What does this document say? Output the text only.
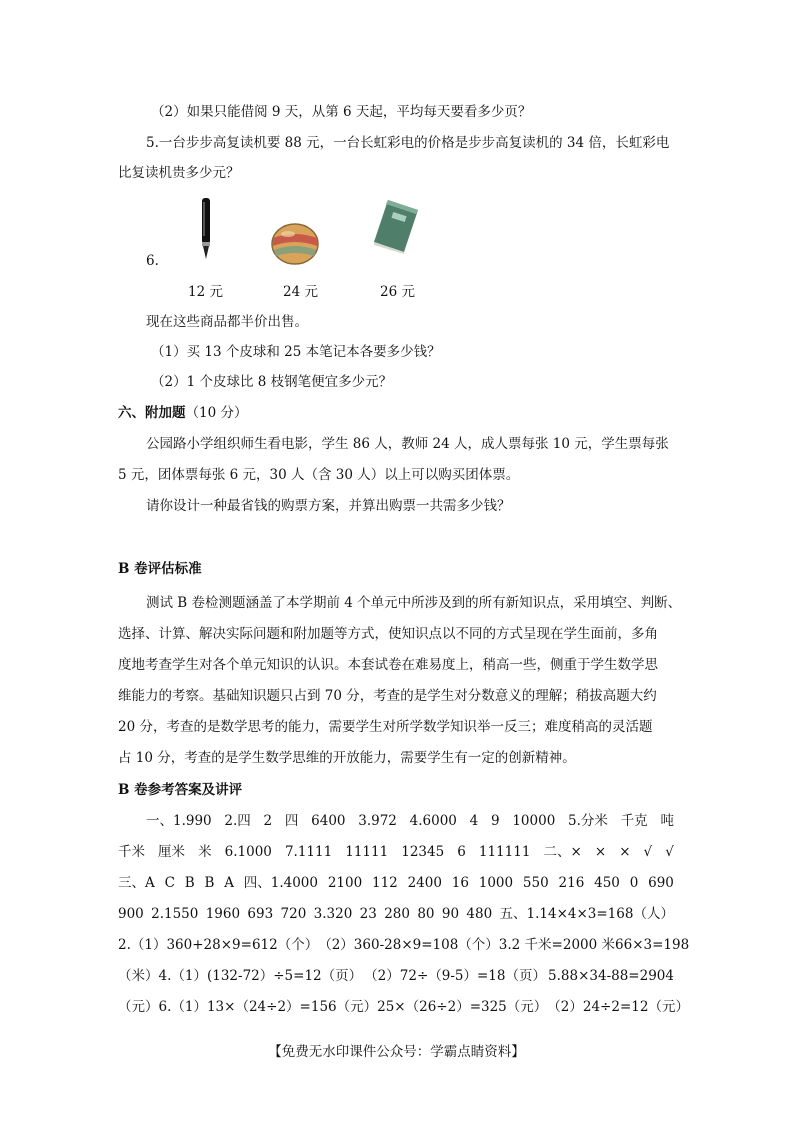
（2）如果只能借阅 9 天，从第 6 天起，平均每天要看多少页？
5.一台步步高复读机要 88 元，一台长虹彩电的价格是步步高复读机的 34 倍，长虹彩电
比复读机贵多少元？
6.
12 元	24 元	26 元
现在这些商品都半价出售。
（1）买 13 个皮球和 25 本笔记本各要多少钱？
（2）1 个皮球比 8 枝钢笔便宜多少元？
六、附加题（10 分）
公园路小学组织师生看电影，学生 86 人，教师 24 人，成人票每张 10 元，学生票每张
5 元，团体票每张 6 元，30 人（含 30 人）以上可以购买团体票。
请你设计一种最省钱的购票方案，并算出购票一共需多少钱？
B 卷评估标准
测试 B 卷检测题涵盖了本学期前 4 个单元中所涉及到的所有新知识点，采用填空、判断、
选择、计算、解决实际问题和附加题等方式，使知识点以不同的方式呈现在学生面前，多角
度地考查学生对各个单元知识的认识。本套试卷在难易度上，稍高一些，侧重于学生数学思
维能力的考察。基础知识题只占到 70 分，考查的是学生对分数意义的理解；稍拔高题大约
20 分，考查的是数学思考的能力，需要学生对所学数学知识举一反三；难度稍高的灵活题
占 10 分，考查的是学生数学思维的开放能力，需要学生有一定的创新精神。
B 卷参考答案及讲评
一、1.990 2.四 2 四 6400 3.972 4.6000 4 9 10000 5.分米 千克 吨
千米 厘米 米 6.1000 7.1111 11111 12345 6 111111 二、× × × √ √
三、A C B B A 四、1.4000 2100 112 2400 16 1000 550 216 450 0 690
900 2.1550 1960 693 720 3.320 23 280 80 90 480 五、1.14×4×3=168（人）
2.（1）360+28×9=612（个） （2）360-28×9=108（个） 3.2 千米=2000 米 66×3=198
（米）4.（1）(132-72）÷5=12（页） （2）72÷（9-5）=18（页） 5.88×34-88=2904
（元） 6.（1）13×（24÷2）=156（元） 25×（26÷2）=325（元） （2）24÷2=12（元）
【免费无水印课件公众号：学霸点睛资料】
